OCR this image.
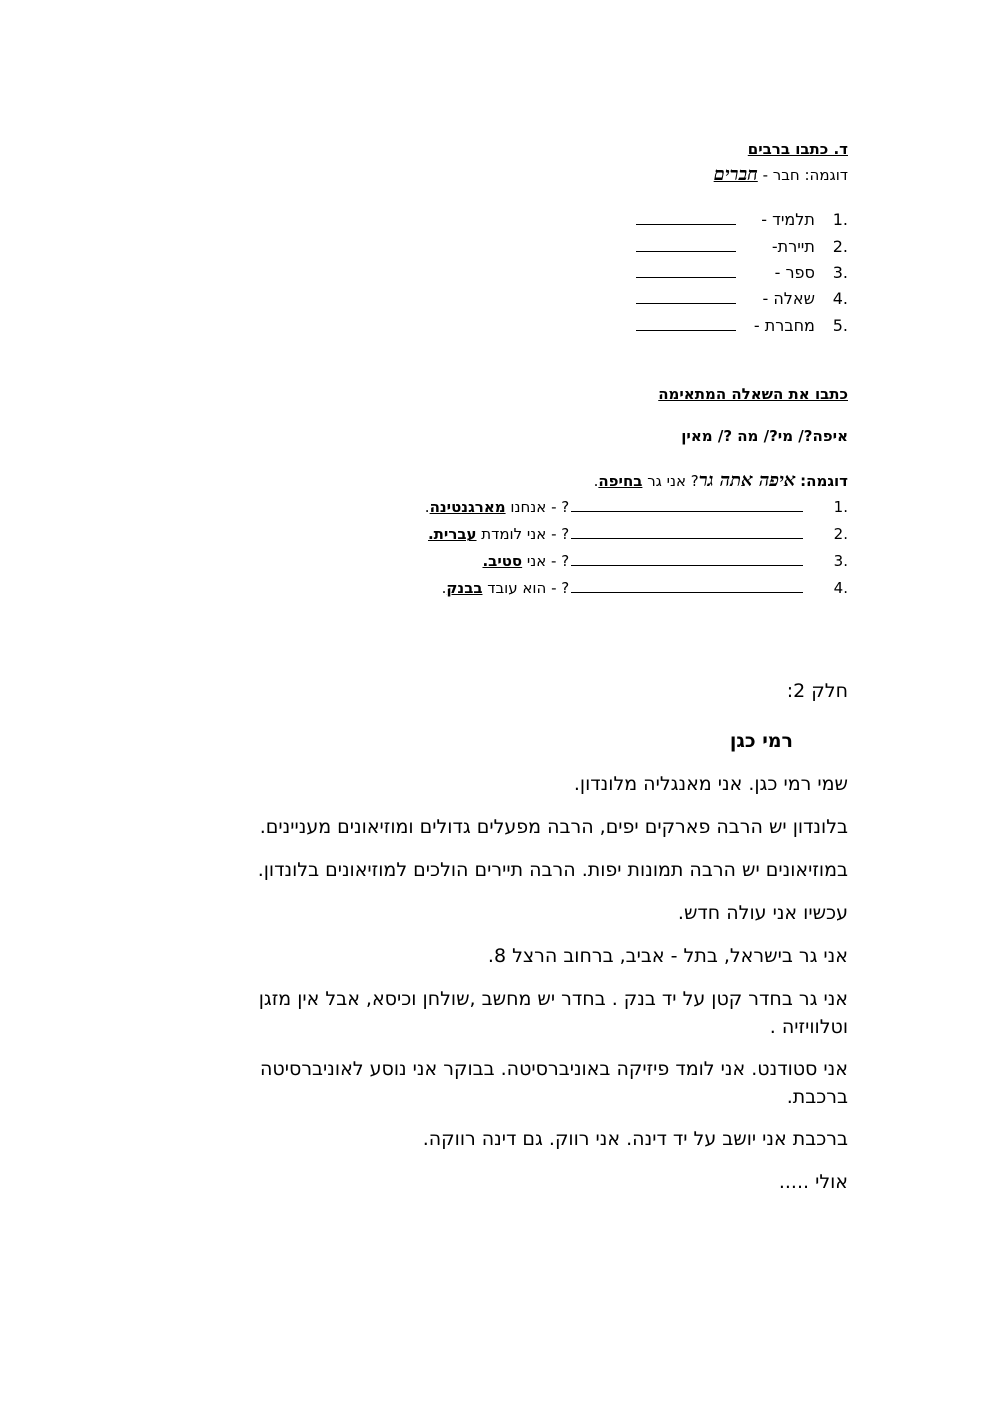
ד. כתבו ברבים
דוגמה: חבר - חברים
.1 תלמיד -
.2 תיירת-
.3 ספר -
.4 שאלה -
.5 מחברת -
כתבו את השאלה המתאימה
איפה?/ מי?/ מה ?/ מאין
דוגמה: איפה אתה גר? אני גר בחיפה.
.1 ? - אנחנו מארגנטינה.
.2 ? - אני לומדת עברית.
.3 ? - אני סטיב.
.4 ? - הוא עובד בבנק.
חלק 2:
רמי כגן
שמי רמי כגן. אני מאנגליה מלונדון.
בלונדון יש הרבה פארקים יפים, הרבה מפעלים גדולים ומוזיאונים מעניינים.
במוזיאונים יש הרבה תמונות יפות. הרבה תיירים הולכים למוזיאונים בלונדון.
עכשיו אני עולה חדש.
אני גר בישראל, בתל - אביב, ברחוב הרצל 8.
אני גר בחדר קטן על יד בנק . בחדר יש מחשב ,שולחן וכיסא, אבל אין מזגן וטלוויזיה .
אני סטודנט. אני לומד פיזיקה באוניברסיטה. בבוקר אני נוסע לאוניברסיטה ברכבת.
ברכבת אני יושב על יד דינה. אני רווק. גם דינה רווקה.
אולי .....
